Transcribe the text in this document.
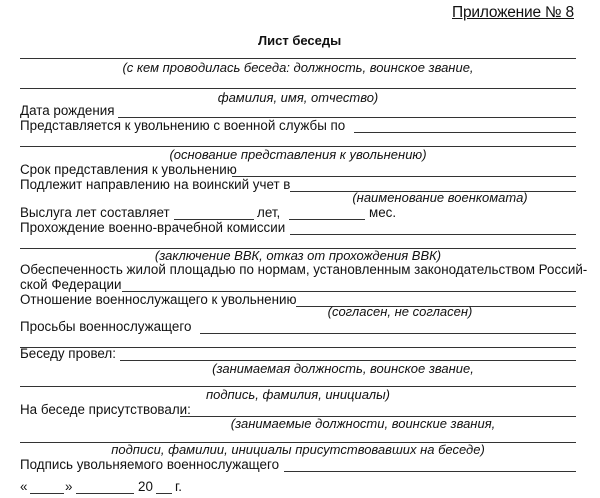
Приложение № 8
Лист беседы
(с кем проводилась беседа: должность, воинское звание,
фамилия, имя, отчество)
Дата рождения
Представляется к увольнению с военной службы по
(основание представления к увольнению)
Срок представления к увольнению
Подлежит направлению на воинский учет в
(наименование военкомата)
Выслуга лет составляет	лет,	мес.
Прохождение военно-врачебной комиссии
(заключение ВВК, отказ от прохождения ВВК)
Обеспеченность жилой площадью по нормам, установленным законодательством Россий-
ской Федерации
Отношение военнослужащего к увольнению
(согласен, не согласен)
Просьбы военнослужащего
Беседу провел:
(занимаемая должность, воинское звание,
подпись, фамилия, инициалы)
На беседе присутствовали:
(занимаемые должности, воинские звания,
подписи, фамилии, инициалы присутствовавших на беседе)
Подпись увольняемого военнослужащего
«	»	20 г.
